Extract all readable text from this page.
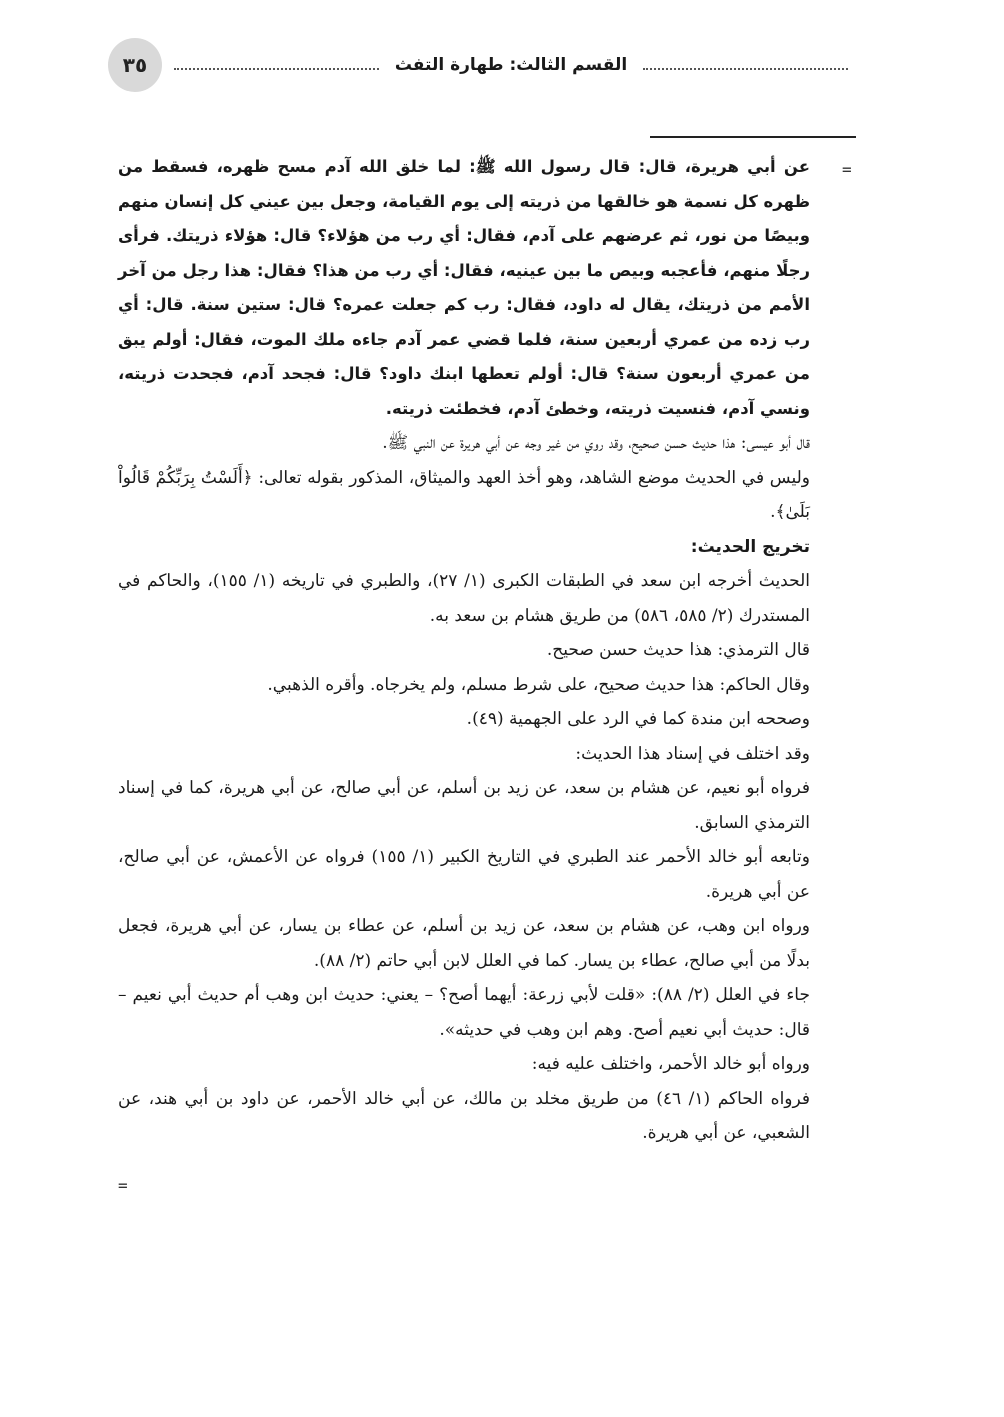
٣٥	القسم الثالث: طهارة التفث
=
=

عن أبي هريرة، قال: قال رسول الله ﷺ: لما خلق الله آدم مسح ظهره، فسقط من ظهره كل نسمة هو خالقها من ذريته إلى يوم القيامة، وجعل بين عيني كل إنسان منهم وبيصًا من نور، ثم عرضهم على آدم، فقال: أي رب من هؤلاء؟ قال: هؤلاء ذريتك. فرأى رجلًا منهم، فأعجبه وبيص ما بين عينيه، فقال: أي رب من هذا؟ فقال: هذا رجل من آخر الأمم من ذريتك، يقال له داود، فقال: رب كم جعلت عمره؟ قال: ستين سنة. قال: أي رب زده من عمري أربعين سنة، فلما قضي عمر آدم جاءه ملك الموت، فقال: أولم يبق من عمري أربعون سنة؟ قال: أولم تعطها ابنك داود؟ قال: فجحد آدم، فجحدت ذريته، ونسي آدم، فنسيت ذريته، وخطئ آدم، فخطئت ذريته.

قال أبو عيسى: هذا حديث حسن صحيح، وقد روي من غير وجه عن أبي هريرة عن النبي ﷺ.

وليس في الحديث موضع الشاهد، وهو أخذ العهد والميثاق، المذكور بقوله تعالى: ﴿أَلَسْتُ بِرَبِّكُمْ قَالُواْ بَلَىٰ﴾.

تخريج الحديث:

الحديث أخرجه ابن سعد في الطبقات الكبرى (١/ ٢٧)، والطبري في تاريخه (١/ ١٥٥)، والحاكم في المستدرك (٢/ ٥٨٥، ٥٨٦) من طريق هشام بن سعد به.

قال الترمذي: هذا حديث حسن صحيح.

وقال الحاكم: هذا حديث صحيح، على شرط مسلم، ولم يخرجاه. وأقره الذهبي.

وصححه ابن مندة كما في الرد على الجهمية (٤٩).

وقد اختلف في إسناد هذا الحديث:

فرواه أبو نعيم، عن هشام بن سعد، عن زيد بن أسلم، عن أبي صالح، عن أبي هريرة، كما في إسناد الترمذي السابق.

وتابعه أبو خالد الأحمر عند الطبري في التاريخ الكبير (١/ ١٥٥) فرواه عن الأعمش، عن أبي صالح، عن أبي هريرة.

ورواه ابن وهب، عن هشام بن سعد، عن زيد بن أسلم، عن عطاء بن يسار، عن أبي هريرة، فجعل بدلًا من أبي صالح، عطاء بن يسار. كما في العلل لابن أبي حاتم (٢/ ٨٨).

جاء في العلل (٢/ ٨٨): «قلت لأبي زرعة: أيهما أصح؟ – يعني: حديث ابن وهب أم حديث أبي نعيم – قال: حديث أبي نعيم أصح. وهم ابن وهب في حديثه».

ورواه أبو خالد الأحمر، واختلف عليه فيه:

فرواه الحاكم (١/ ٤٦) من طريق مخلد بن مالك، عن أبي خالد الأحمر، عن داود بن أبي هند، عن الشعبي، عن أبي هريرة.
